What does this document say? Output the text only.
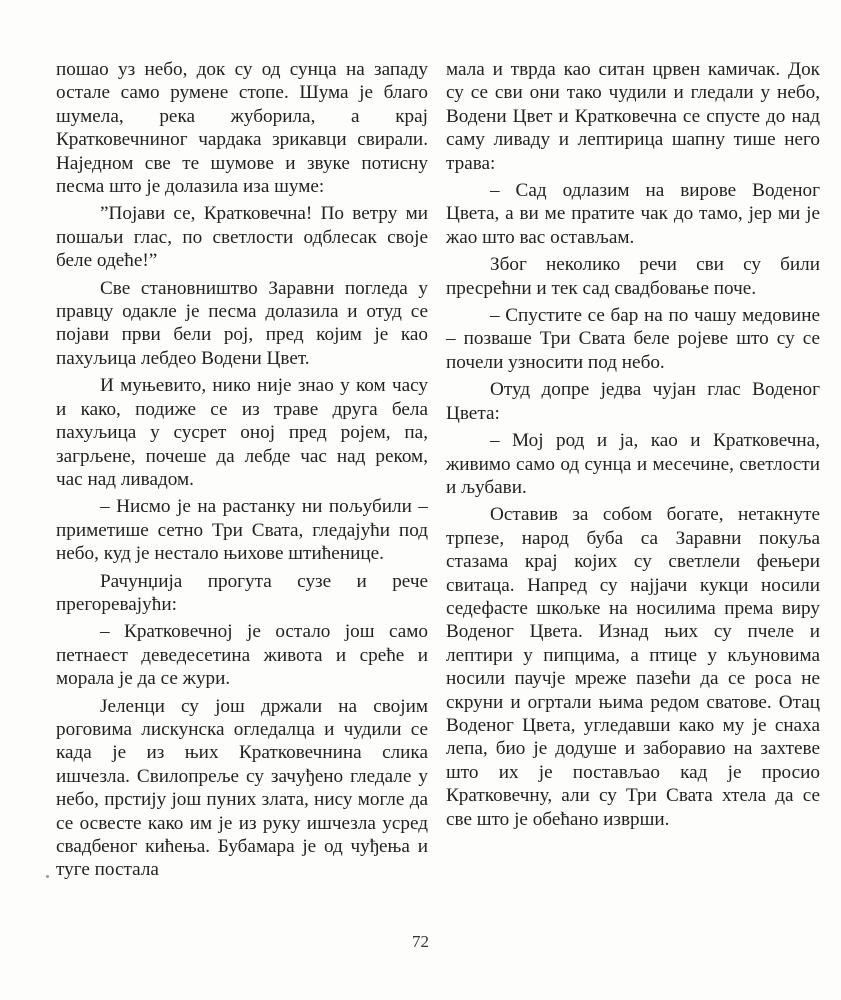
пошао уз небо, док су од сунца на западу остале само румене стопе. Шума је благо шумела, река жуборила, а крај Кратковечниног чардака зрикавци свирали. Наједном све те шумове и звуке потисну песма што је долазила иза шуме:

”Појави се, Кратковечна! По ветру ми пошаљи глас, по светлости одблесак своје беле одеће!”

Све становништво Заравни погледа у правцу одакле је песма долазила и отуд се појави први бели рој, пред којим је као пахуљица лебдео Водени Цвет.

И муњевито, нико није знао у ком часу и како, подиже се из траве друга бела пахуљица у сусрет оној пред ројем, па, загрљене, почеше да лебде час над реком, час над ливадом.

– Нисмо је на растанку ни пољубили – приметише сетно Три Свата, гледајући под небо, куд је нестало њихове штићенице.

Рачунџија прогута сузе и рече прегоревајући:

– Кратковечној је остало још само петнаест деведесетина живота и среће и морала је да се жури.

Јеленци су још држали на својим роговима лискунска огледалца и чудили се када је из њих Кратковечнина слика ишчезла. Свилопреље су зачуђено гледале у небо, прстију још пуних злата, нису могле да се освесте како им је из руку ишчезла усред свадбеног кићења. Бубамара је од чуђења и туге постала

мала и тврда као ситан црвен камичак. Док су се сви они тако чудили и гледали у небо, Водени Цвет и Кратковечна се спусте до над саму ливаду и лептирица шапну тише него трава:

– Сад одлазим на вирове Воденог Цвета, а ви ме пратите чак до тамо, јер ми је жао што вас остављам.

Због неколико речи сви су били пресрећни и тек сад свадбовање поче.

– Спустите се бар на по чашу медовине – позваше Три Свата беле ројеве што су се почели узносити под небо.

Отуд допре једва чујан глас Воденог Цвета:

– Мој род и ја, као и Кратковечна, живимо само од сунца и месечине, светлости и љубави.

Оставив за собом богате, нетакнуте трпезе, народ буба са Заравни покуља стазама крај којих су светлели фењери свитаца. Напред су најјачи кукци носили седефасте шкољке на носилима према виру Воденог Цвета. Изнад њих су пчеле и лептири у пипцима, а птице у кљуновима носили паучје мреже пазећи да се роса не скруни и огртали њима редом сватове. Отац Воденог Цвета, угледавши како му је снаха лепа, био је додуше и заборавио на захтеве што их је постављао кад је просио Кратковечну, али су Три Свата хтела да се све што је обећано изврши.

72
